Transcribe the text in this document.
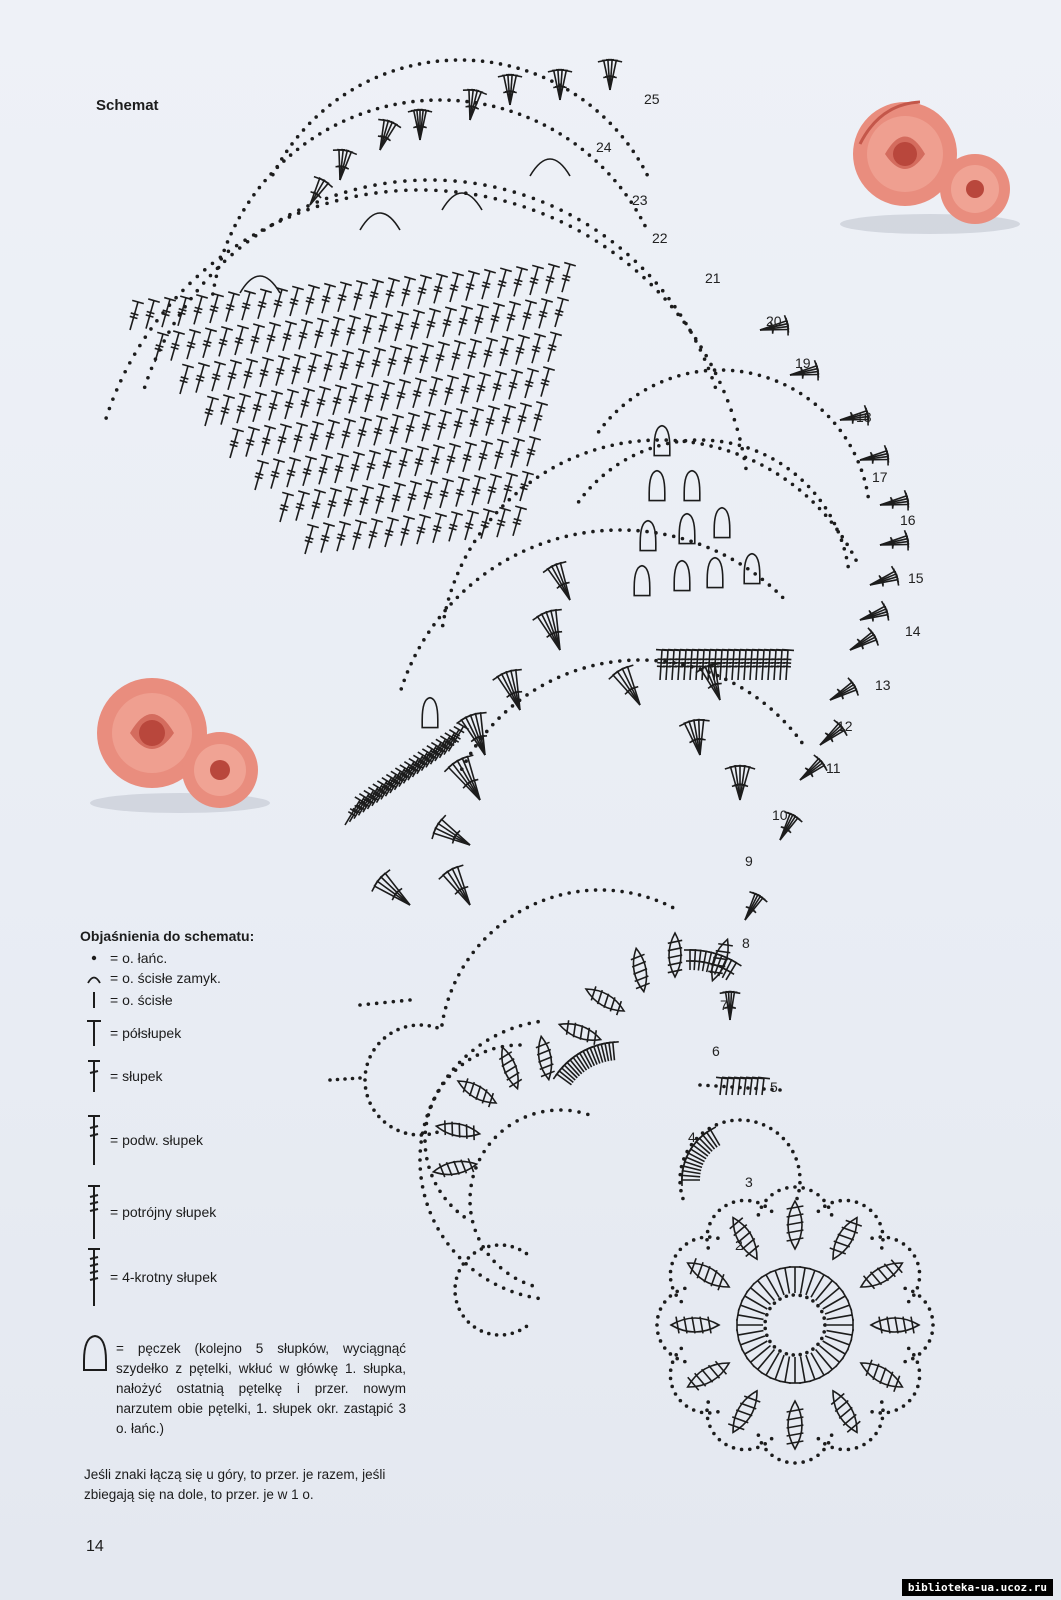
Schemat
2
3
4
5
6
7
8
9
10
11
12
13
14
15
16
17
18
19
20
21
22
23
24
25
Objaśnienia do schematu:
= o. łańc.
= o. ścisłe zamyk.
= o. ścisłe
= półsłupek
= słupek
= podw. słupek
= potrójny słupek
= 4-krotny słupek
= pęczek (kolejno 5 słupków, wyciągnąć szydełko z pętelki, wkłuć w główkę 1. słupka, nałożyć ostatnią pętelkę i przer. nowym narzutem obie pętelki, 1. słupek okr. zastąpić 3 o. łańc.)
Jeśli znaki łączą się u góry, to przer. je razem, jeśli zbiegają się na dole, to przer. je w 1 o.
14
biblioteka-ua.ucoz.ru
